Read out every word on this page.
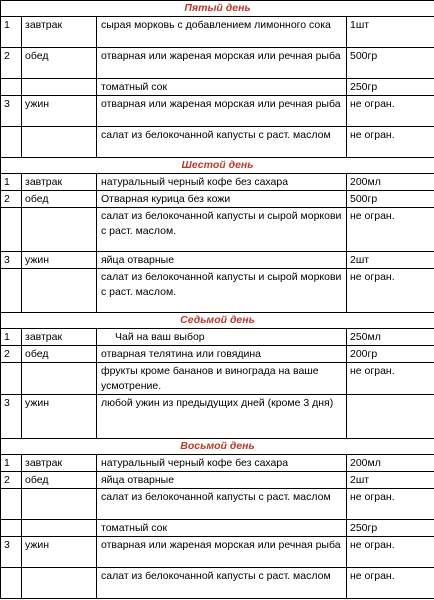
Пятый день			
1	завтрак	сырая морковь с добавлением лимонного сока	1шт
2	обед	отварная или жареная морская или речная рыба	500гр
		томатный сок	250гр
3	ужин	отварная или жареная морская или речная рыба	не огран.
		салат из белокочанной капусты с раст. маслом	не огран.
Шестой день			
1	завтрак	натуральный черный кофе без сахара	200мл
2	обед	Отварная курица без кожи	500гр
		салат из белокочанной капусты и сырой моркови с раст. маслом.	не огран.
3	ужин	яйца отварные	2шт
		салат из белокочанной капусты и сырой моркови с раст. маслом.	не огран.
Седьмой день			
1	завтрак	Чай на ваш выбор	250мл
2	обед	отварная телятина или говядина	200гр
		фрукты кроме бананов и винограда на ваше усмотрение.	не огран.
3	ужин	любой ужин из предыдущих дней (кроме 3 дня)	
Восьмой день			
1	завтрак	натуральный черный кофе без сахара	200мл
2	обед	яйца отварные	2шт
		салат из белокочанной капусты с раст. маслом	не огран.
		томатный сок	250гр
3	ужин	отварная или жареная морская или речная рыба	не огран.
		салат из белокочанной капусты с раст. маслом	не огран.
